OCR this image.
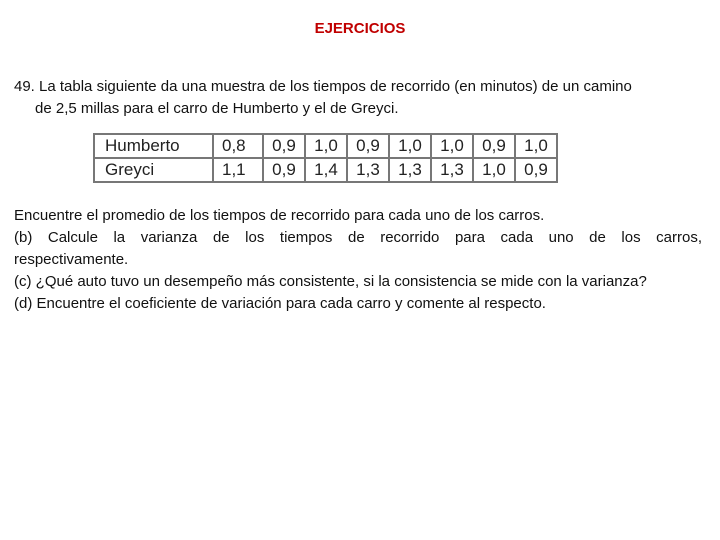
EJERCICIOS
49. La tabla siguiente da una muestra de los tiempos de recorrido (en minutos) de un camino
de 2,5 millas para el carro de Humberto y el de Greyci.
Humberto	0,8	0,9	1,0	0,9	1,0	1,0	0,9	1,0
Greyci	1,1	0,9	1,4	1,3	1,3	1,3	1,0	0,9
Encuentre el promedio de los tiempos de recorrido para cada uno de los carros.
(b) Calcule la varianza de los tiempos de recorrido para cada uno de los carros,
respectivamente.
(c) ¿Qué auto tuvo un desempeño más consistente, si la consistencia se mide con la varianza?
(d) Encuentre el coeficiente de variación para cada carro y comente al respecto.
